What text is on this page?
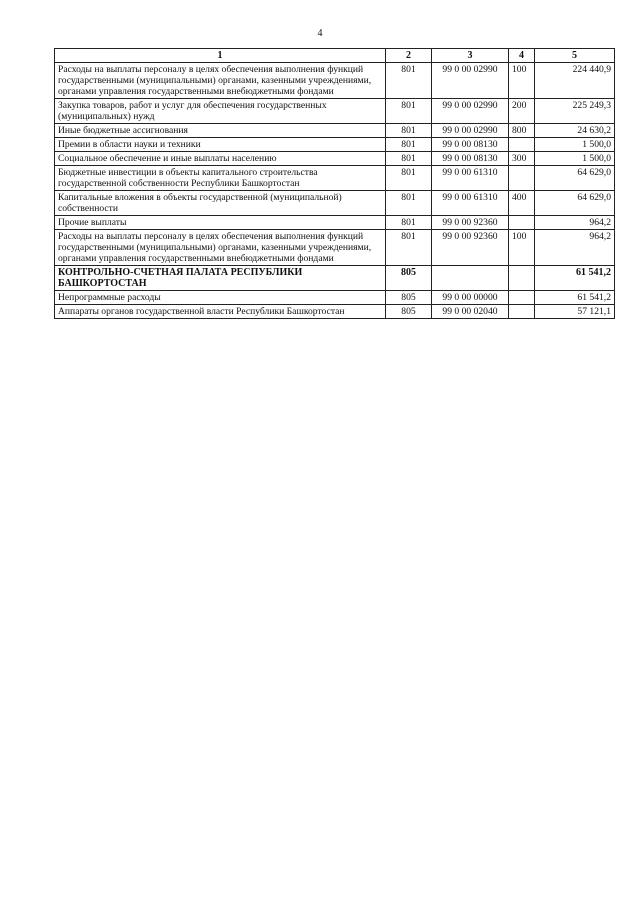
4
1	2	3	4	5
Расходы на выплаты персоналу в целях обеспечения выполнения функций государственными (муниципальными) органами, казенными учреждениями, органами управления государственными внебюджетными фондами	801	99 0 00 02990	100	224 440,9
Закупка товаров, работ и услуг для обеспечения государственных (муниципальных) нужд	801	99 0 00 02990	200	225 249,3
Иные бюджетные ассигнования	801	99 0 00 02990	800	24 630,2
Премии в области науки и техники	801	99 0 00 08130		1 500,0
Социальное обеспечение и иные выплаты населению	801	99 0 00 08130	300	1 500,0
Бюджетные инвестиции в объекты капитального строительства государственной собственности Республики Башкортостан	801	99 0 00 61310		64 629,0
Капитальные вложения в объекты государственной (муниципальной) собственности	801	99 0 00 61310	400	64 629,0
Прочие выплаты	801	99 0 00 92360		964,2
Расходы на выплаты персоналу в целях обеспечения выполнения функций государственными (муниципальными) органами, казенными учреждениями, органами управления государственными внебюджетными фондами	801	99 0 00 92360	100	964,2
КОНТРОЛЬНО-СЧЕТНАЯ ПАЛАТА РЕСПУБЛИКИ БАШКОРТОСТАН	805			61 541,2
Непрограммные расходы	805	99 0 00 00000		61 541,2
Аппараты органов государственной власти Республики Башкортостан	805	99 0 00 02040		57 121,1
